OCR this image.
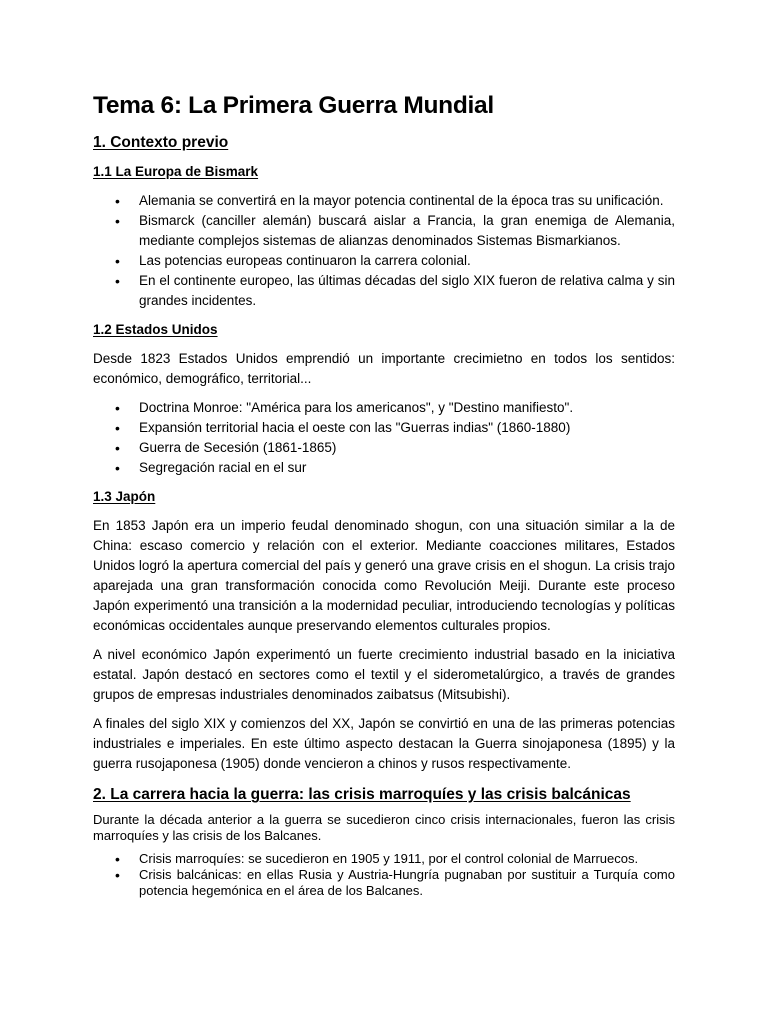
Tema 6: La Primera Guerra Mundial
1. Contexto previo
1.1 La Europa de Bismark
• Alemania se convertirá en la mayor potencia continental de la época tras su unificación.
• Bismarck (canciller alemán) buscará aislar a Francia, la gran enemiga de Alemania, mediante complejos sistemas de alianzas denominados Sistemas Bismarkianos.
• Las potencias europeas continuaron la carrera colonial.
• En el continente europeo, las últimas décadas del siglo XIX fueron de relativa calma y sin grandes incidentes.
1.2 Estados Unidos

Desde 1823 Estados Unidos emprendió un importante crecimietno en todos los sentidos: económico, demográfico, territorial...

• Doctrina Monroe: "América para los americanos", y "Destino manifiesto".
• Expansión territorial hacia el oeste con las "Guerras indias" (1860-1880)
• Guerra de Secesión (1861-1865)
• Segregación racial en el sur
1.3 Japón

En 1853 Japón era un imperio feudal denominado shogun, con una situación similar a la de China: escaso comercio y relación con el exterior. Mediante coacciones militares, Estados Unidos logró la apertura comercial del país y generó una grave crisis en el shogun. La crisis trajo aparejada una gran transformación conocida como Revolución Meiji. Durante este proceso Japón experimentó una transición a la modernidad peculiar, introduciendo tecnologías y políticas económicas occidentales aunque preservando elementos culturales propios.

A nivel económico Japón experimentó un fuerte crecimiento industrial basado en la iniciativa estatal. Japón destacó en sectores como el textil y el siderometalúrgico, a través de grandes grupos de empresas industriales denominados zaibatsus (Mitsubishi).

A finales del siglo XIX y comienzos del XX, Japón se convirtió en una de las primeras potencias industriales e imperiales. En este último aspecto destacan la Guerra sinojaponesa (1895) y la guerra rusojaponesa (1905) donde vencieron a chinos y rusos respectivamente.

2. La carrera hacia la guerra: las crisis marroquíes y las crisis balcánicas

Durante la década anterior a la guerra se sucedieron cinco crisis internacionales, fueron las crisis marroquíes y las crisis de los Balcanes.

• Crisis marroquíes: se sucedieron en 1905 y 1911, por el control colonial de Marruecos.
• Crisis balcánicas: en ellas Rusia y Austria-Hungría pugnaban por sustituir a Turquía como potencia hegemónica en el área de los Balcanes.
